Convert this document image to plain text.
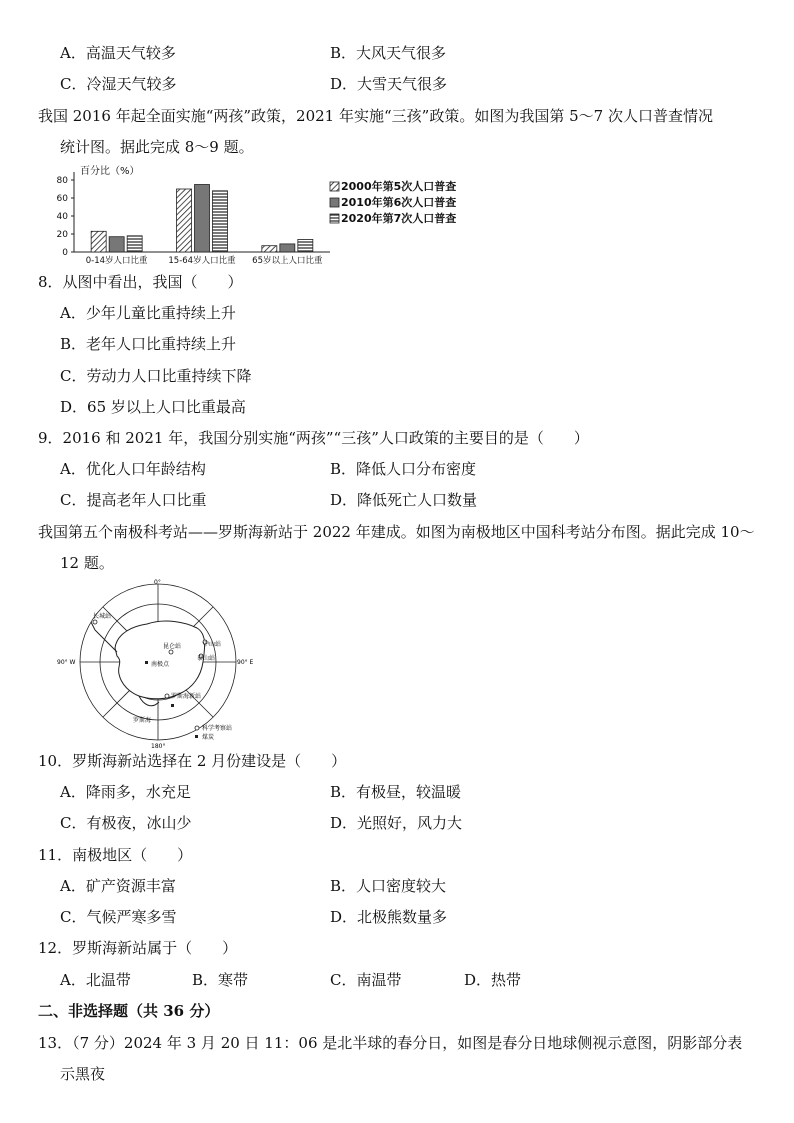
A．高温天气较多	B．大风天气很多
C．冷湿天气较多	D．大雪天气很多
我国 2016 年起全面实施“两孩”政策，2021 年实施“三孩”政策。如图为我国第 5～7 次人口普查情况
统计图。据此完成 8～9 题。
80
60
40
20
0
0-14岁人口比重 15-64岁人口比重 65岁以上人口比重
2000年第5次人口普查
2010年第6次人口普查
2020年第7次人口普查
百分比（%）
8．从图中看出，我国（　　）
A．少年儿童比重持续上升
B．老年人口比重持续上升
C．劳动力人口比重持续下降
D．65 岁以上人口比重最高
9．2016 和 2021 年，我国分别实施“两孩”“三孩”人口政策的主要目的是（　　）
A．优化人口年龄结构	B．降低人口分布密度
C．提高老年人口比重	D．降低死亡人口数量
我国第五个南极科考站——罗斯海新站于 2022 年建成。如图为南极地区中国科考站分布图。据此完成 10～
12 题。
0°
90° W	90° E
180°
长城站
中山站
昆仑站
泰山站
南极点
罗斯海新站
罗斯海
科学考察站
煤炭
10．罗斯海新站选择在 2 月份建设是（　　）
A．降雨多，水充足	B．有极昼，较温暖
C．有极夜，冰山少	D．光照好，风力大
11．南极地区（　　）
A．矿产资源丰富	B．人口密度较大
C．气候严寒多雪	D．北极熊数量多
12．罗斯海新站属于（　　）
A．北温带	B．寒带	C．南温带	D．热带
二、非选择题（共 36 分）
13．（7 分）2024 年 3 月 20 日 11：06 是北半球的春分日，如图是春分日地球侧视示意图，阴影部分表
示黑夜
